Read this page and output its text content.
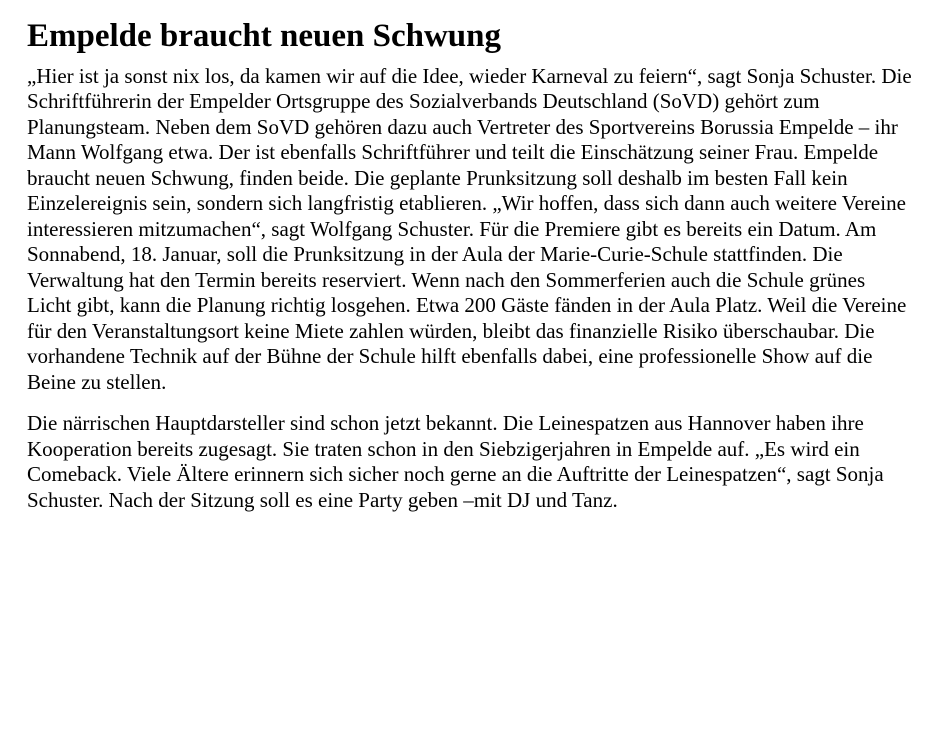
Empelde braucht neuen Schwung

„Hier ist ja sonst nix los, da kamen wir auf die Idee, wieder Karneval zu feiern“, sagt Sonja Schuster. Die Schriftführerin der Empelder Ortsgruppe des Sozialverbands Deutschland (SoVD) gehört zum Planungsteam. Neben dem SoVD gehören dazu auch Vertreter des Sportvereins Borussia Empelde – ihr Mann Wolfgang etwa. Der ist ebenfalls Schriftführer und teilt die Einschätzung seiner Frau. Empelde braucht neuen Schwung, finden beide. Die geplante Prunksitzung soll deshalb im besten Fall kein Einzelereignis sein, sondern sich langfristig etablieren. „Wir hoffen, dass sich dann auch weitere Vereine interessieren mitzumachen“, sagt Wolfgang Schuster. Für die Premiere gibt es bereits ein Datum. Am Sonnabend, 18. Januar, soll die Prunksitzung in der Aula der Marie-Curie-Schule stattfinden. Die Verwaltung hat den Termin bereits reserviert. Wenn nach den Sommerferien auch die Schule grünes Licht gibt, kann die Planung richtig losgehen. Etwa 200 Gäste fänden in der Aula Platz. Weil die Vereine für den Veranstaltungsort keine Miete zahlen würden, bleibt das finanzielle Risiko überschaubar. Die vorhandene Technik auf der Bühne der Schule hilft ebenfalls dabei, eine professionelle Show auf die Beine zu stellen.

Die närrischen Hauptdarsteller sind schon jetzt bekannt. Die Leinespatzen aus Hannover haben ihre Kooperation bereits zugesagt. Sie traten schon in den Siebzigerjahren in Empelde auf. „Es wird ein Comeback. Viele Ältere erinnern sich sicher noch gerne an die Auftritte der Leinespatzen“, sagt Sonja Schuster. Nach der Sitzung soll es eine Party geben –mit DJ und Tanz.
